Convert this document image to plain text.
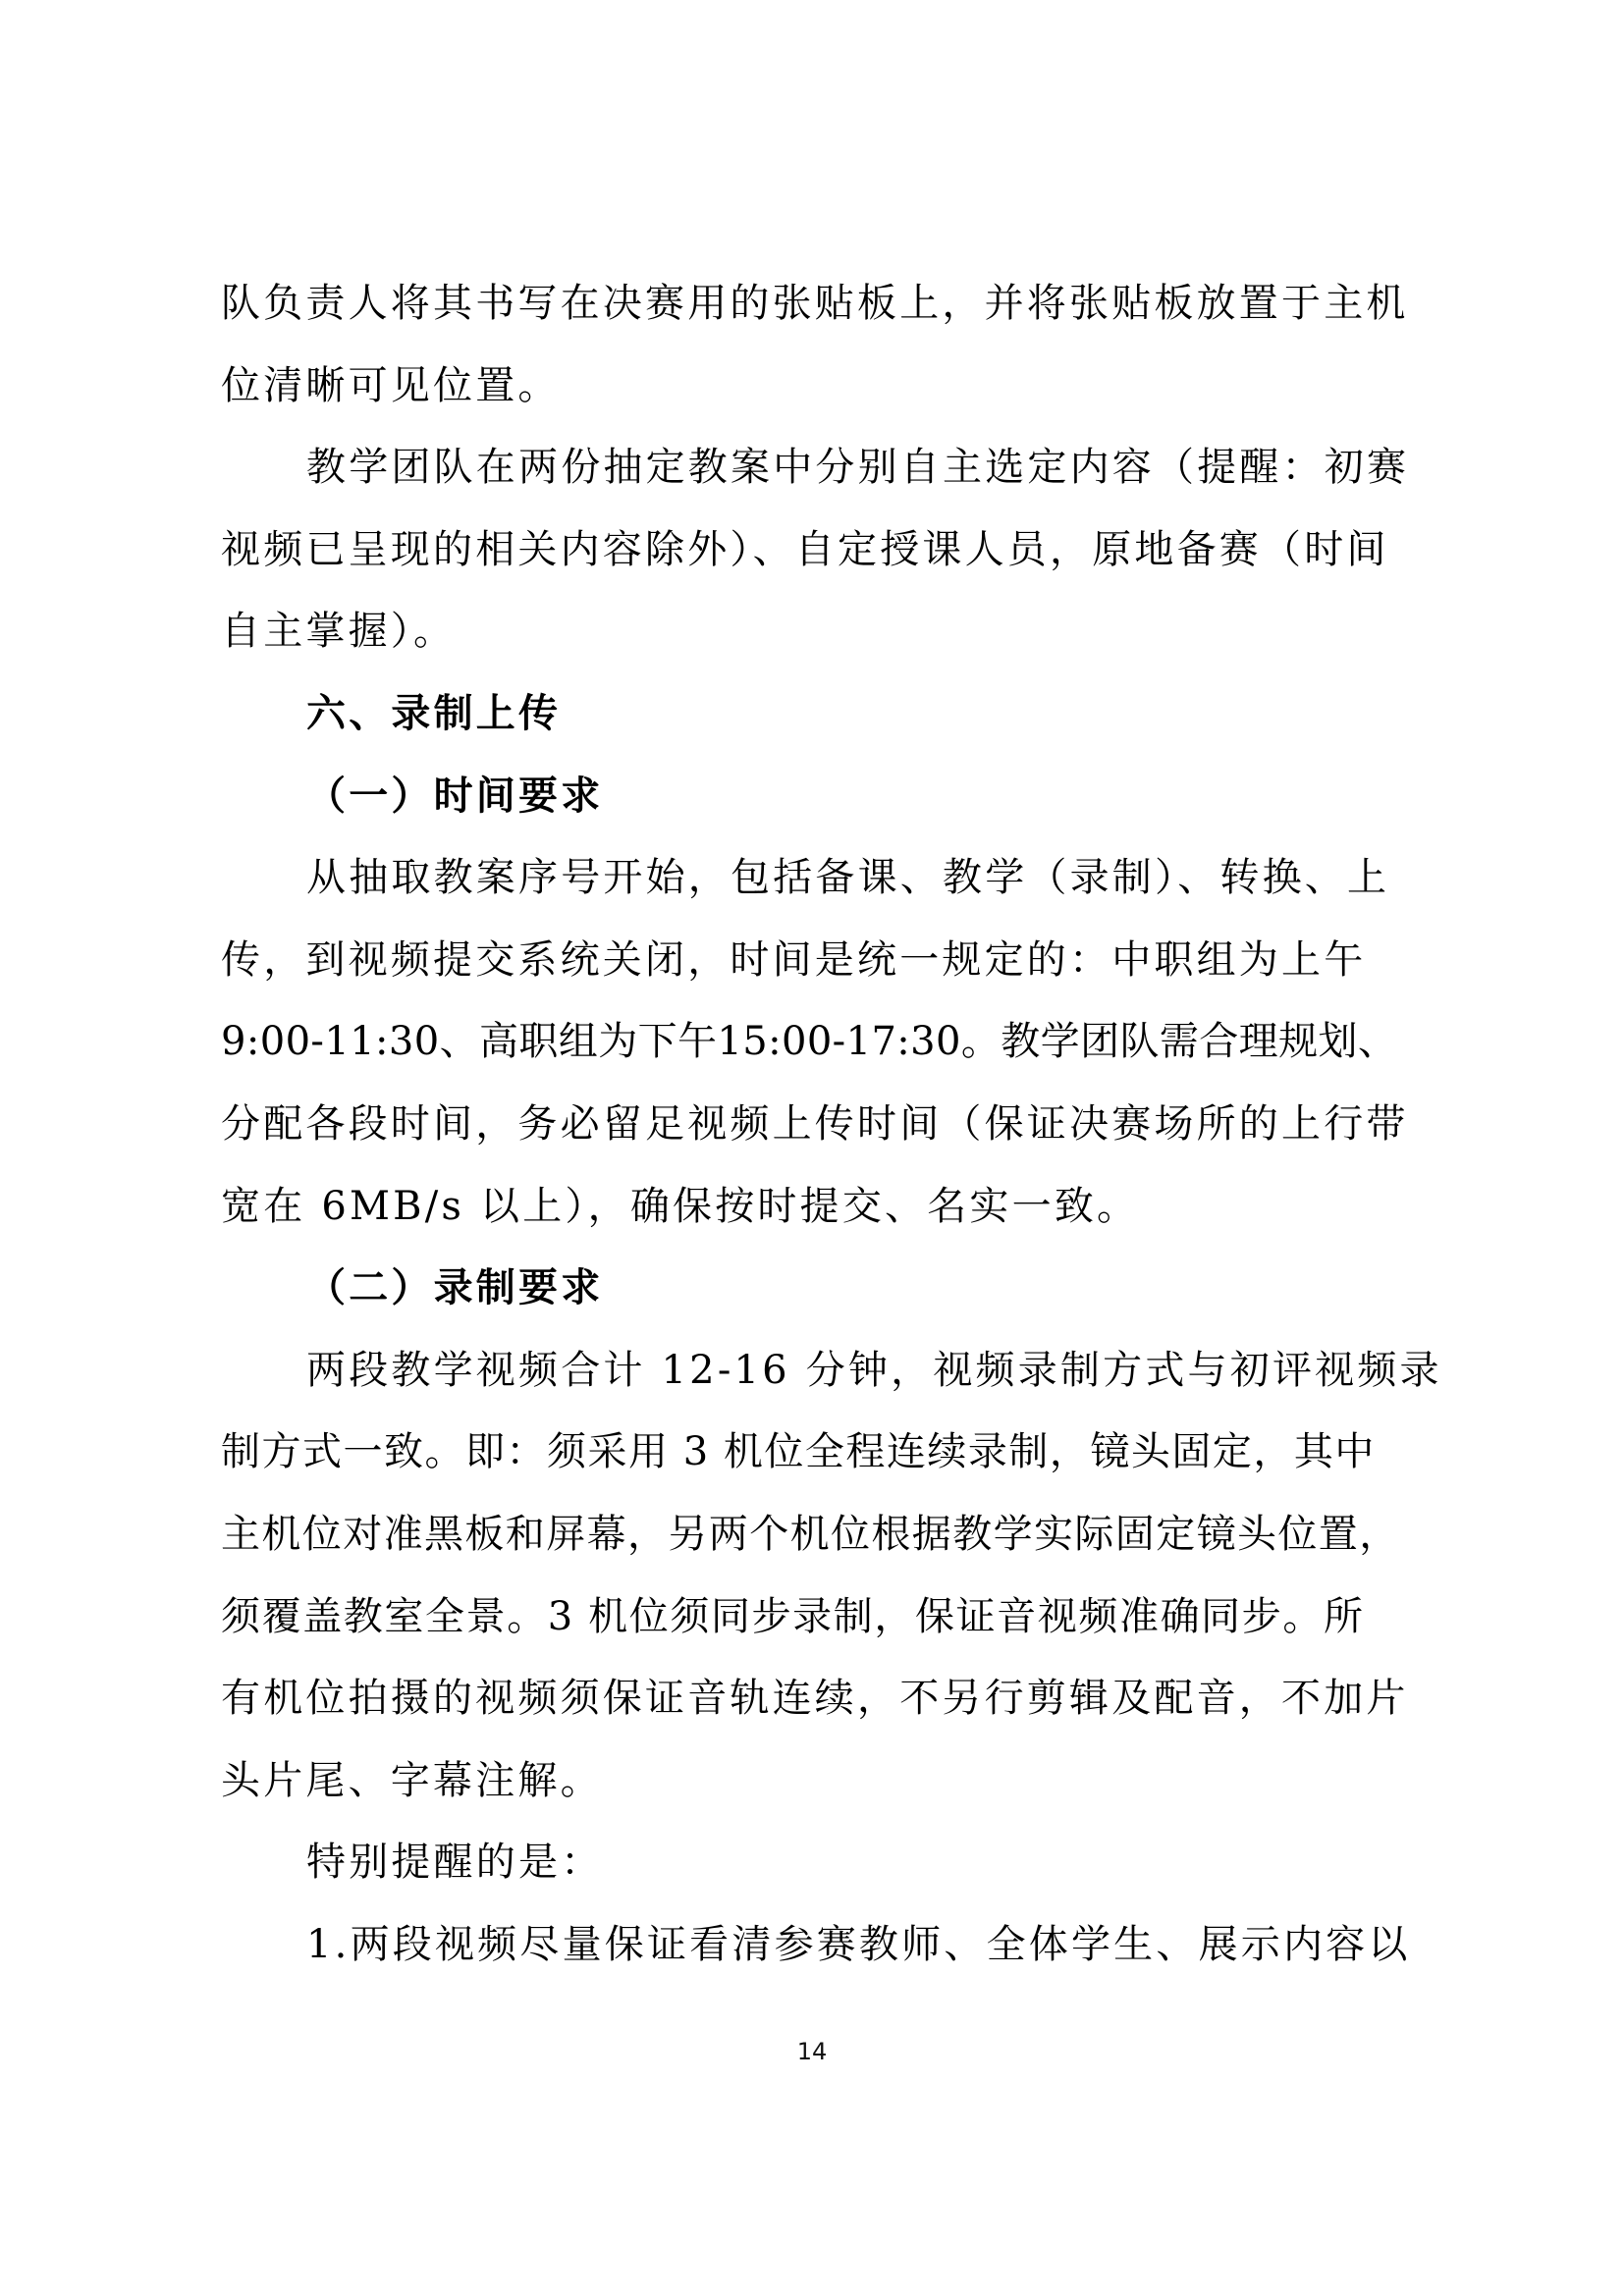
队负责人将其书写在决赛用的张贴板上，并将张贴板放置于主机
位清晰可见位置。
教学团队在两份抽定教案中分别自主选定内容（提醒：初赛
视频已呈现的相关内容除外）、自定授课人员，原地备赛（时间
自主掌握）。
六、录制上传
（一）时间要求
从抽取教案序号开始，包括备课、教学（录制）、转换、上
传，到视频提交系统关闭，时间是统一规定的：中职组为上午
9:00-11:30、高职组为下午15:00-17:30。教学团队需合理规划、
分配各段时间，务必留足视频上传时间（保证决赛场所的上行带
宽在 6MB/s 以上），确保按时提交、名实一致。
（二）录制要求
两段教学视频合计 12-16 分钟，视频录制方式与初评视频录
制方式一致。即：须采用 3 机位全程连续录制，镜头固定，其中
主机位对准黑板和屏幕，另两个机位根据教学实际固定镜头位置，
须覆盖教室全景。3 机位须同步录制，保证音视频准确同步。所
有机位拍摄的视频须保证音轨连续，不另行剪辑及配音，不加片
头片尾、字幕注解。
特别提醒的是：
1.两段视频尽量保证看清参赛教师、全体学生、展示内容以
14
